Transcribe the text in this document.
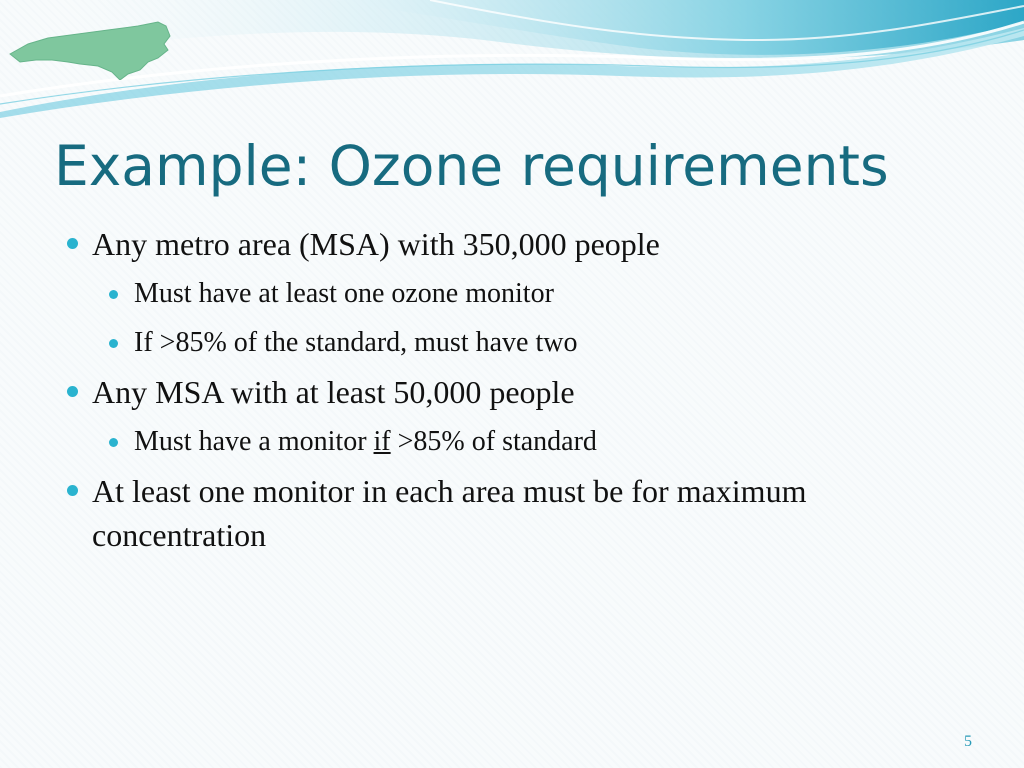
Example: Ozone requirements
Any metro area (MSA) with 350,000 people
Must have at least one ozone monitor
If >85% of the standard, must have two
Any MSA with at least 50,000 people
Must have a monitor if >85% of standard
At least one monitor in each area must be for maximum concentration
5
